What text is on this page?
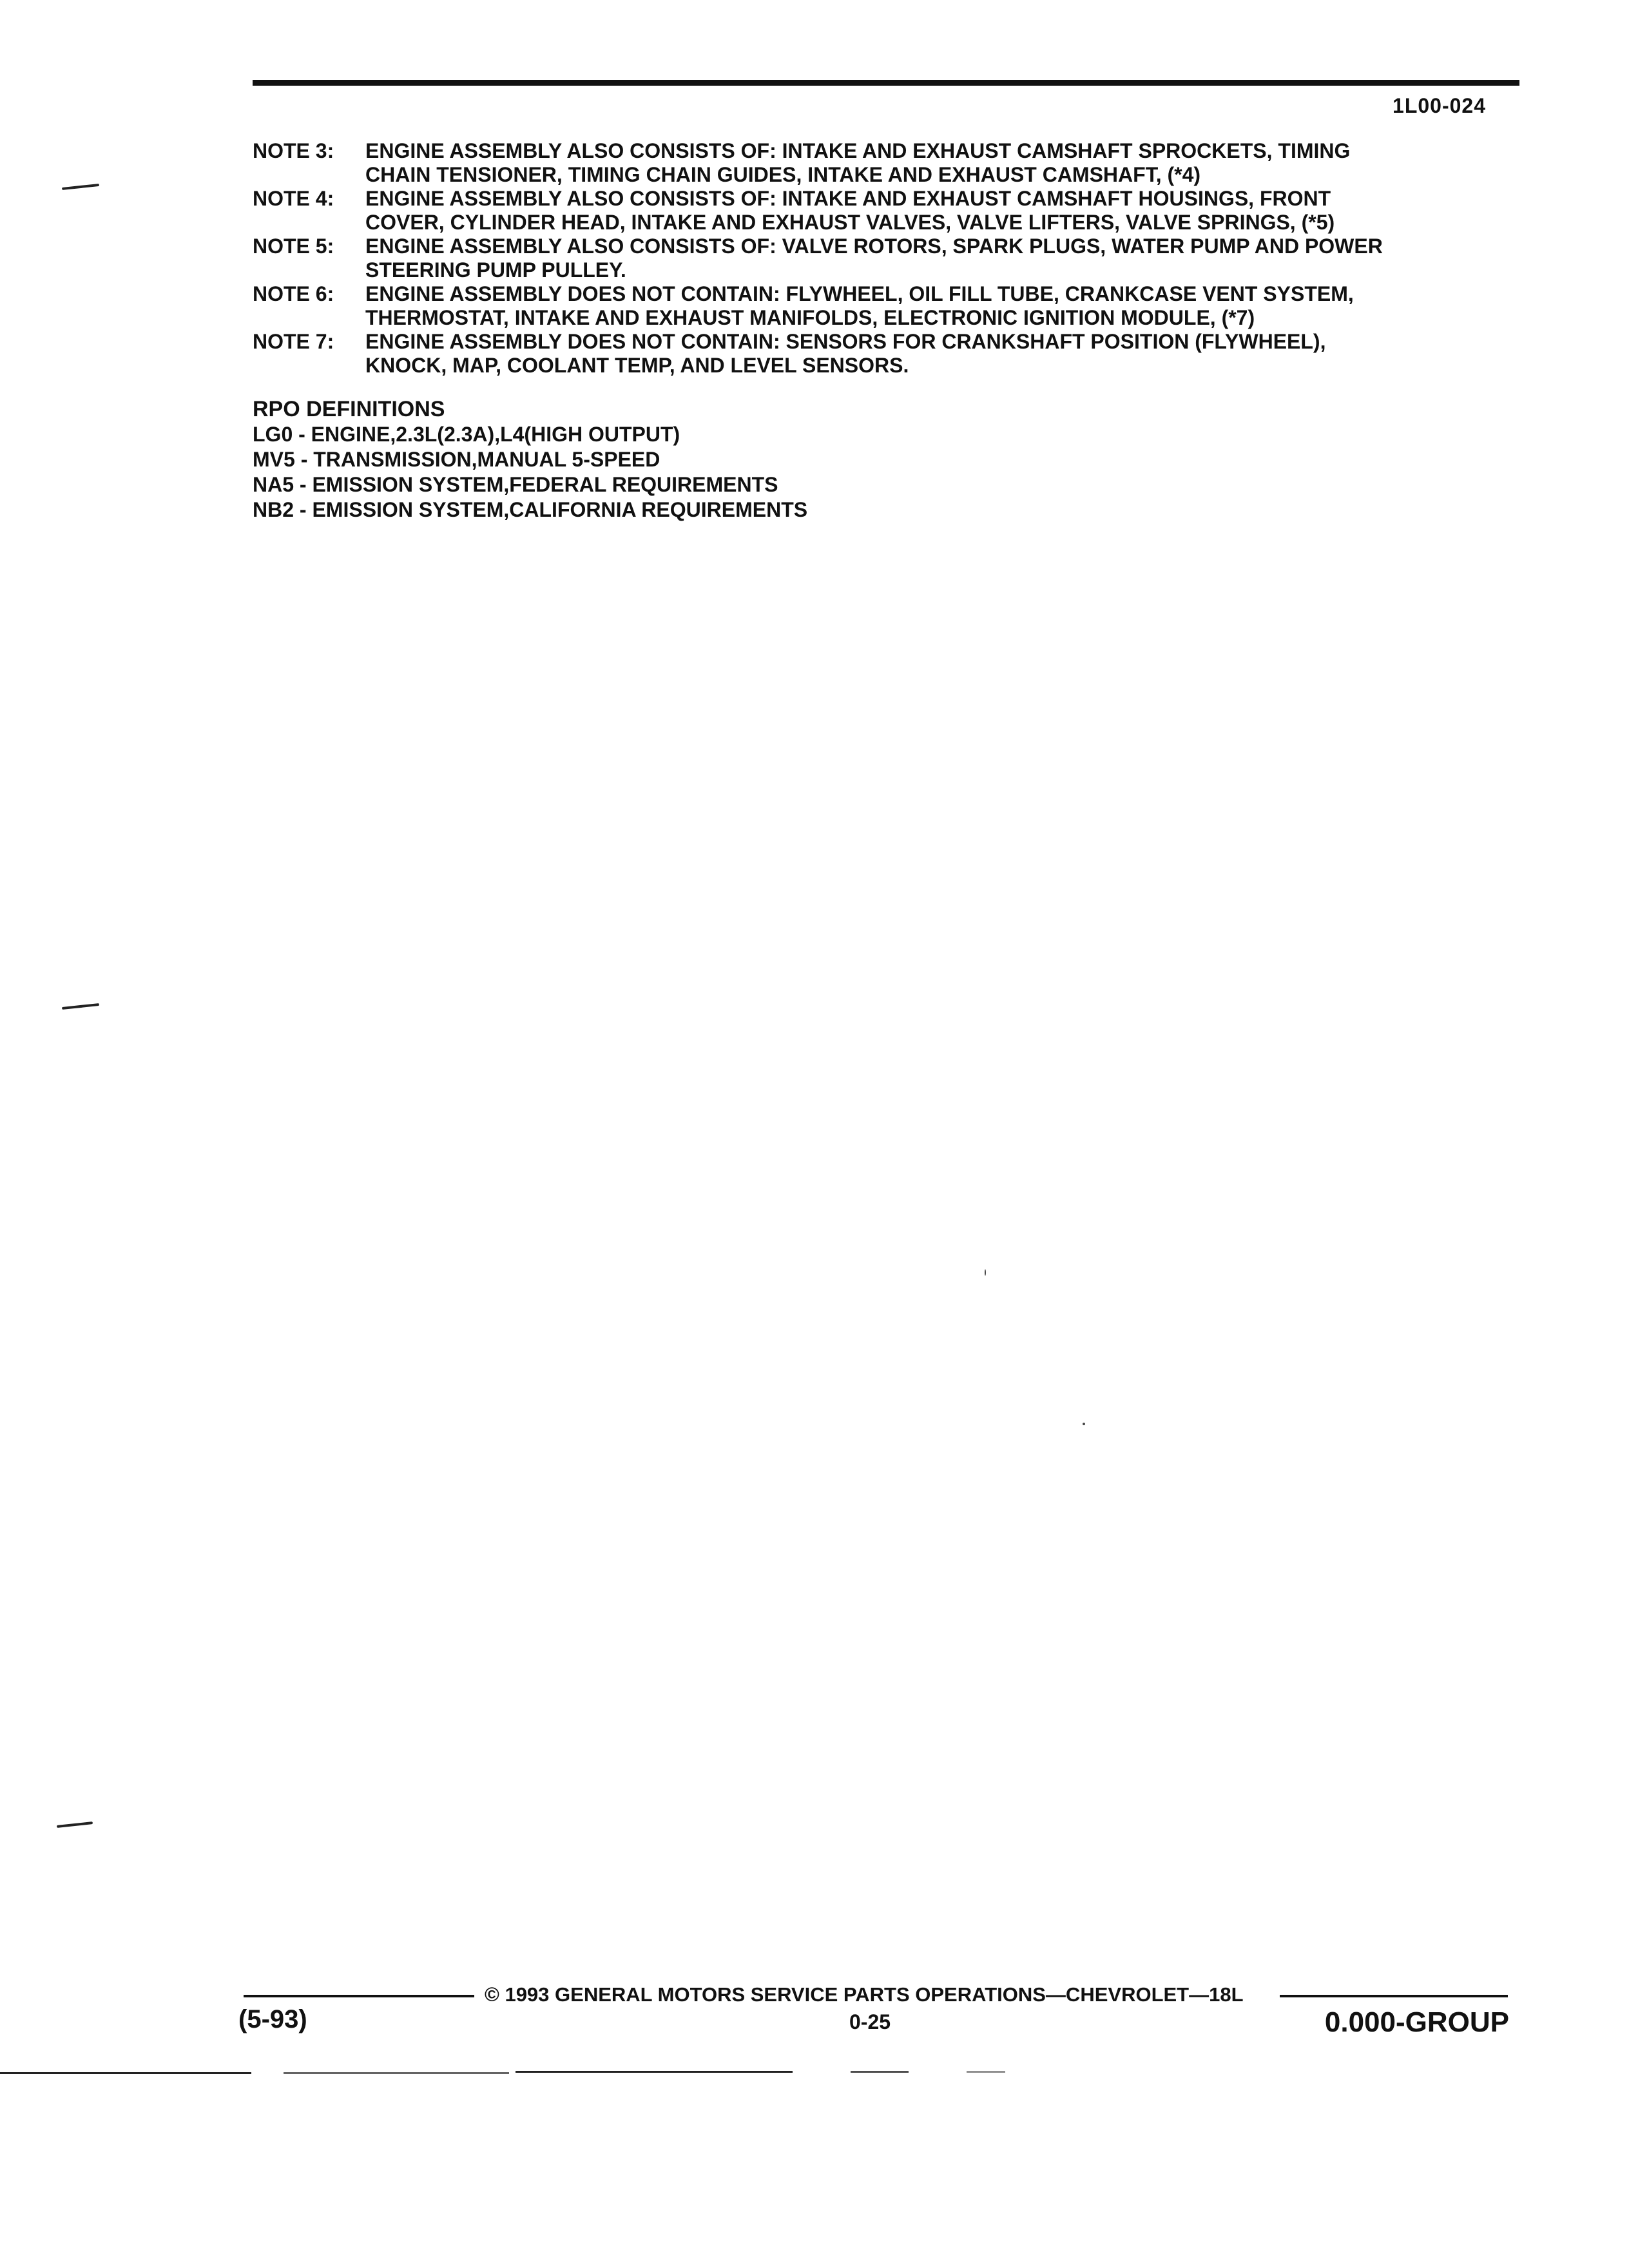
1L00-024
NOTE 3:	ENGINE ASSEMBLY ALSO CONSISTS OF: INTAKE AND EXHAUST CAMSHAFT SPROCKETS, TIMING
CHAIN TENSIONER, TIMING CHAIN GUIDES, INTAKE AND EXHAUST CAMSHAFT, (*4)
NOTE 4:	ENGINE ASSEMBLY ALSO CONSISTS OF: INTAKE AND EXHAUST CAMSHAFT HOUSINGS, FRONT
COVER, CYLINDER HEAD, INTAKE AND EXHAUST VALVES, VALVE LIFTERS, VALVE SPRINGS, (*5)
NOTE 5:	ENGINE ASSEMBLY ALSO CONSISTS OF: VALVE ROTORS, SPARK PLUGS, WATER PUMP AND POWER
STEERING PUMP PULLEY.
NOTE 6:	ENGINE ASSEMBLY DOES NOT CONTAIN: FLYWHEEL, OIL FILL TUBE, CRANKCASE VENT SYSTEM,
THERMOSTAT, INTAKE AND EXHAUST MANIFOLDS, ELECTRONIC IGNITION MODULE, (*7)
NOTE 7:	ENGINE ASSEMBLY DOES NOT CONTAIN: SENSORS FOR CRANKSHAFT POSITION (FLYWHEEL),
KNOCK, MAP, COOLANT TEMP, AND LEVEL SENSORS.
RPO DEFINITIONS
LG0 - ENGINE,2.3L(2.3A),L4(HIGH OUTPUT)
MV5 - TRANSMISSION,MANUAL 5-SPEED
NA5 - EMISSION SYSTEM,FEDERAL REQUIREMENTS
NB2 - EMISSION SYSTEM,CALIFORNIA REQUIREMENTS
© 1993 GENERAL MOTORS SERVICE PARTS OPERATIONS—CHEVROLET—18L
(5-93)	0-25	0.000-GROUP
